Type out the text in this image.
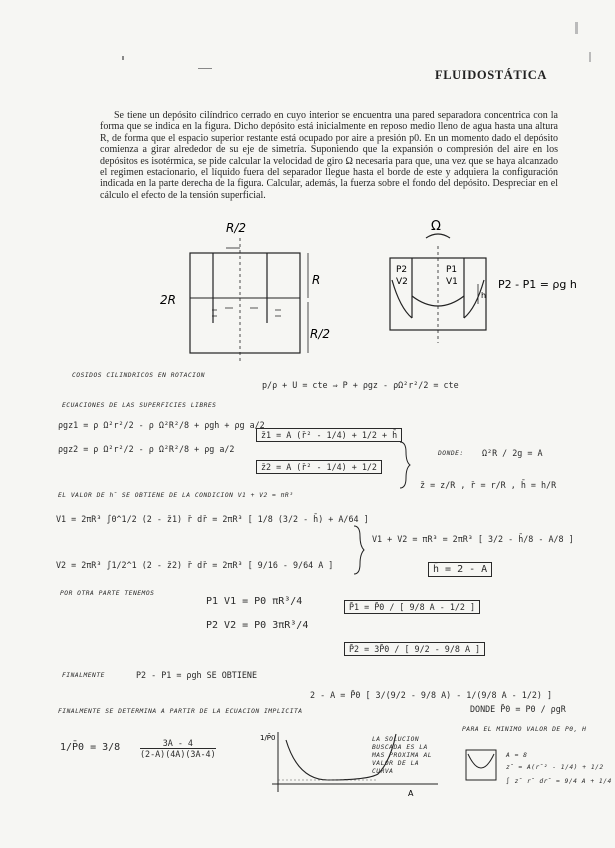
FLUIDOSTÁTICA

Se tiene un depósito cilíndrico cerrado en cuyo interior se encuentra una pared separadora concentrica con la forma que se indica en la figura. Dicho depósito está inicialmente en reposo medio lleno de agua hasta una altura R, de forma que el espacio superior restante está ocupado por aire a presión p0. En un momento dado el depósito comienza a girar alrededor de su eje de simetría. Suponiendo que la expansión o compresión del aire en los depósitos es isotérmica, se pide calcular la velocidad de giro Ω necesaria para que, una vez que se haya alcanzado el regimen estacionario, el líquido fuera del separador llegue hasta el borde de este y adquiera la configuración indicada en la parte derecha de la figura. Calcular, además, la fuerza sobre el fondo del depósito. Despreciar en el cálculo el efecto de la tensión superficial.

R/2
2R
R
R/2
Ω
P2
V2
P1
V1
h
P2 - P1 = ρg h
COSIDOS CILINDRICOS EN ROTACION
p/ρ + U = cte ⇒ P + ρgz - ρΩ²r²/2 = cte
ECUACIONES DE LAS SUPERFICIES LIBRES
ρgz1 = ρ Ω²r²/2 - ρ Ω²R²/8 + ρgh + ρg a/2
ρgz2 = ρ Ω²r²/2 - ρ Ω²R²/8 + ρg a/2
z̄1 = A (r̄² - 1/4) + 1/2 + h̄
z̄2 = A (r̄² - 1/4) + 1/2
DONDE: Ω²R / 2g = A
z̄ = z/R , r̄ = r/R , h̄ = h/R
EL VALOR DE h̄ SE OBTIENE DE LA CONDICION V1 + V2 = πR³
V1 = 2πR³ ∫0^1/2 (2 - z̄1) r̄ dr̄ = 2πR³ [ 1/8 (3/2 - h̄) + A/64 ]
V2 = 2πR³ ∫1/2^1 (2 - z̄2) r̄ dr̄ = 2πR³ [ 9/16 - 9/64 A ]
V1 + V2 = πR³ = 2πR³ [ 3/2 - h̄/8 - A/8 ]
h̄ = 2 - A
POR OTRA PARTE TENEMOS
P1 V1 = P0 πR³/4
P2 V2 = P0 3πR³/4
P̄1 = P̄0 / [ 9/8 A - 1/2 ]
P̄2 = 3P̄0 / [ 9/2 - 9/8 A ]
FINALMENTE	P2 - P1 = ρgh SE OBTIENE
2 - A = P̄0 [ 3/(9/2 - 9/8 A) - 1/(9/8 A - 1/2) ]
DONDE P̄0 = P0 / ρgR
FINALMENTE SE DETERMINA A PARTIR DE LA ECUACION IMPLICITA
1/P̄0 = $3/8 \frac{3A - 4}{(2-A)(4A)(3A-4)}$	1/P̄0
A
LA SOLUCION BUSCADA ES LA MAS PROXIMA AL VALOR DE LA CURVA
PARA EL MINIMO VALOR DE P0, H
A = 8
z̄ = A(r̄² - 1/4) + 1/2
∫ z̄ r̄ dr̄ = 9/4 A + 1/4
